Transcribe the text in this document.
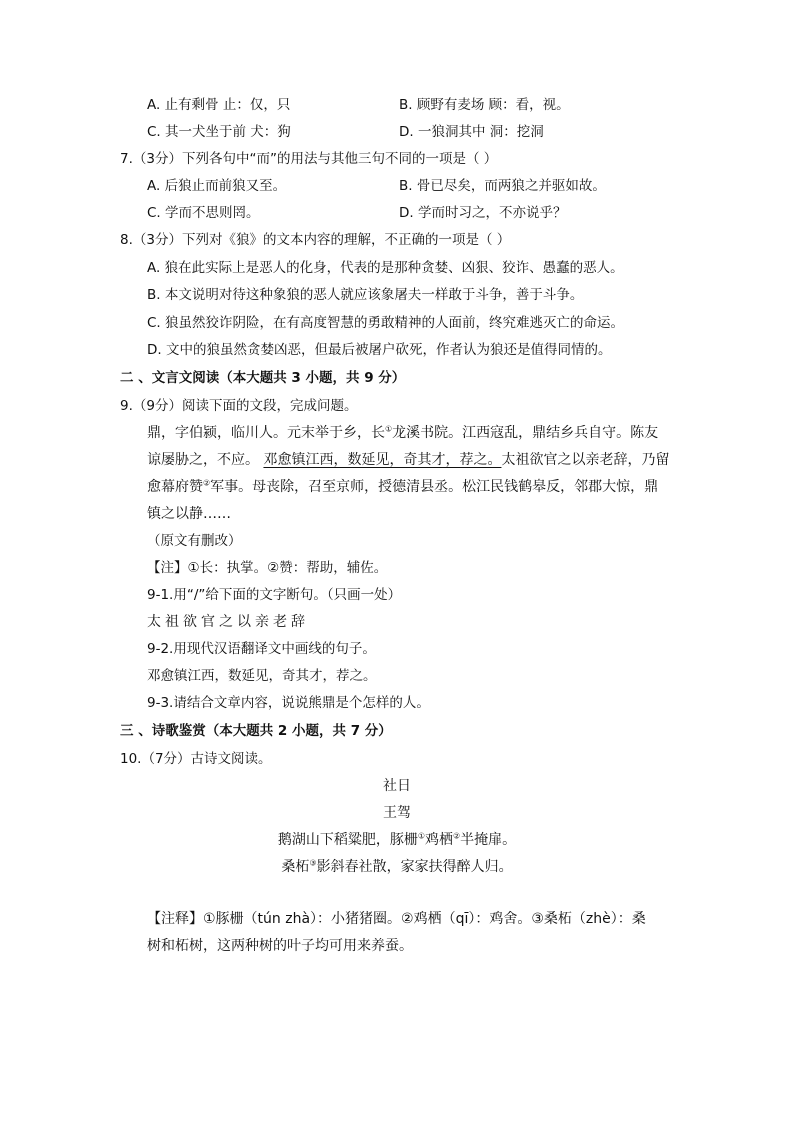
A. 止有剩骨 止：仅，只	B. 顾野有麦场 顾：看，视。
C. 其一犬坐于前 犬：狗	D. 一狼洞其中 洞：挖洞
7.（3分）下列各句中“而”的用法与其他三句不同的一项是（ ）
A. 后狼止而前狼又至。	B. 骨已尽矣，而两狼之并驱如故。
C. 学而不思则罔。	D. 学而时习之，不亦说乎？
8.（3分）下列对《狼》的文本内容的理解，不正确的一项是（ ）
A. 狼在此实际上是恶人的化身，代表的是那种贪婪、凶狠、狡诈、愚蠢的恶人。
B. 本文说明对待这种象狼的恶人就应该象屠夫一样敢于斗争，善于斗争。
C. 狼虽然狡诈阴险，在有高度智慧的勇敢精神的人面前，终究难逃灭亡的命运。
D. 文中的狼虽然贪婪凶恶，但最后被屠户砍死，作者认为狼还是值得同情的。
二 、文言文阅读（本大题共 3 小题，共 9 分）
9.（9分）阅读下面的文段，完成问题。
鼎，字伯颍，临川人。元末举于乡，长①龙溪书院。江西寇乱，鼎结乡兵自守。陈友
谅屡胁之，不应。 邓愈镇江西，数延见，奇其才，荐之。太祖欲官之以亲老辞，乃留
愈幕府赞②军事。母丧除，召至京师，授德清县丞。松江民钱鹤皋反，邻郡大惊，鼎
镇之以静……
（原文有删改）
【注】①长：执掌。②赞：帮助，辅佐。
9-1.用“/”给下面的文字断句。（只画一处）
太祖欲官之以亲老辞
9-2.用现代汉语翻译文中画线的句子。
邓愈镇江西，数延见，奇其才，荐之。
9-3.请结合文章内容，说说熊鼎是个怎样的人。
三 、诗歌鉴赏（本大题共 2 小题，共 7 分）
10.（7分）古诗文阅读。
社日
王驾
鹅湖山下稻粱肥，豚栅①鸡栖②半掩扉。
桑柘③影斜春社散，家家扶得醉人归。
【注释】①豚栅（tún zhà）：小猪猪圈。②鸡栖（qī）：鸡舍。③桑柘（zhè）：桑
树和柘树，这两种树的叶子均可用来养蚕。
